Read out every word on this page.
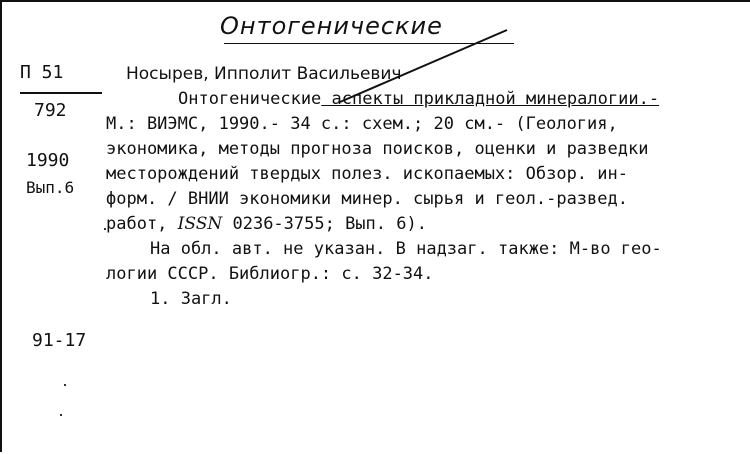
Онтогенические
П 51
792
1990
Вып.6
91-17
Носырев, Ипполит Васильевич
Онтогенические аспекты прикладной минералогии.-
М.: ВИЭМС, 1990.- 34 с.: схем.; 20 см.- (Геология,
экономика, методы прогноза поисков, оценки и разведки
месторождений твердых полез. ископаемых: Обзор. ин-
форм. / ВНИИ экономики минер. сырья и геол.-развед.
работ, ISSN 0236-3755; Вып. 6).
На обл. авт. не указан. В надзаг. также: М-во гео-
логии СССР. Библиогр.: с. 32-34.
1. Загл.
